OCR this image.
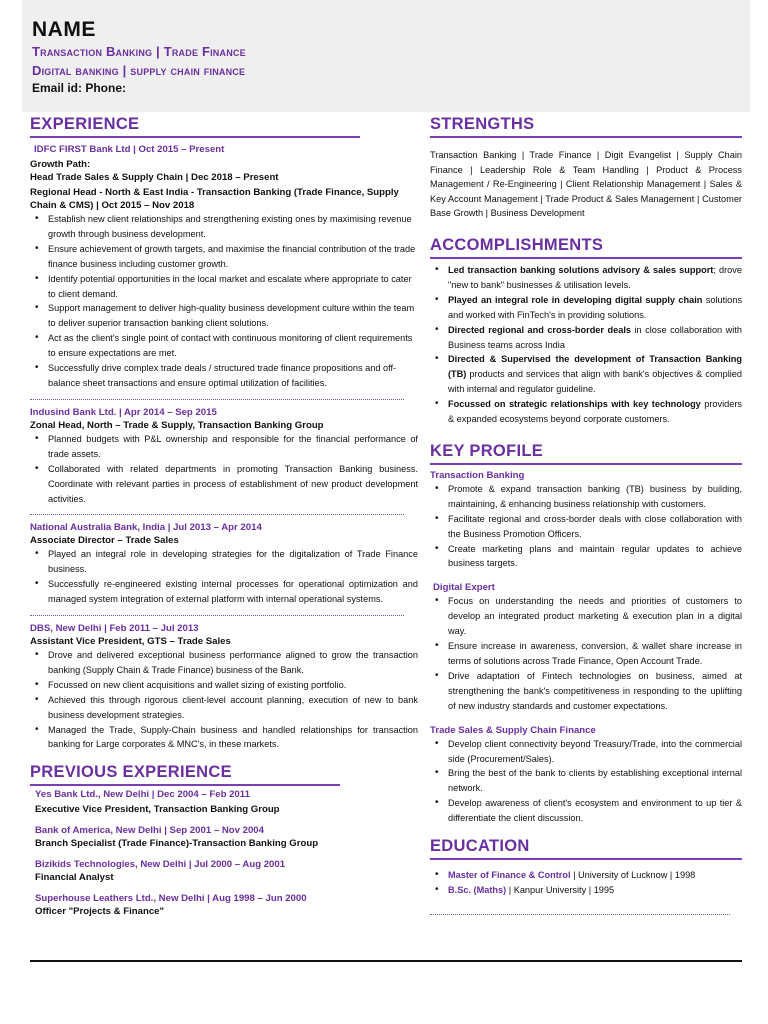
NAME
Transaction Banking | Trade Finance
Digital banking | supply chain finance
Email id: Phone:
EXPERIENCE
IDFC FIRST Bank Ltd | Oct 2015 – Present
Growth Path:
Head Trade Sales & Supply Chain | Dec 2018 – Present
Regional Head - North & East India - Transaction Banking (Trade Finance, Supply Chain & CMS) | Oct 2015 – Nov 2018
• Establish new client relationships and strengthening existing ones by maximising revenue growth through business development.
• Ensure achievement of growth targets, and maximise the financial contribution of the trade finance business including customer growth.
• Identify potential opportunities in the local market and escalate where appropriate to cater to client demand.
• Support management to deliver high-quality business development culture within the team to deliver superior transaction banking client solutions.
• Act as the client's single point of contact with continuous monitoring of client requirements to ensure expectations are met.
• Successfully drive complex trade deals / structured trade finance propositions and off-balance sheet transactions and ensure optimal utilization of facilities.
Indusind Bank Ltd. | Apr 2014 – Sep 2015
Zonal Head, North – Trade & Supply, Transaction Banking Group
• Planned budgets with P&L ownership and responsible for the financial performance of trade assets.
• Collaborated with related departments in promoting Transaction Banking business. Coordinate with relevant parties in process of establishment of new product development activities.
National Australia Bank, India | Jul 2013 – Apr 2014
Associate Director – Trade Sales
• Played an integral role in developing strategies for the digitalization of Trade Finance business.
• Successfully re-engineered existing internal processes for operational optimization and managed system integration of external platform with internal operational systems.
DBS, New Delhi | Feb 2011 – Jul 2013
Assistant Vice President, GTS – Trade Sales
• Drove and delivered exceptional business performance aligned to grow the transaction banking (Supply Chain & Trade Finance) business of the Bank.
• Focussed on new client acquisitions and wallet sizing of existing portfolio.
• Achieved this through rigorous client-level account planning, execution of new to bank business development strategies.
• Managed the Trade, Supply-Chain business and handled relationships for transaction banking for Large corporates & MNC's, in these markets.
PREVIOUS EXPERIENCE
Yes Bank Ltd., New Delhi | Dec 2004 – Feb 2011
Executive Vice President, Transaction Banking Group
Bank of America, New Delhi | Sep 2001 – Nov 2004
Branch Specialist (Trade Finance)-Transaction Banking Group
Bizikids Technologies, New Delhi | Jul 2000 – Aug 2001
Financial Analyst
Superhouse Leathers Ltd., New Delhi | Aug 1998 – Jun 2000
Officer "Projects & Finance"
STRENGTHS
Transaction Banking | Trade Finance | Digit Evangelist | Supply Chain Finance | Leadership Role & Team Handling | Product & Process Management / Re-Engineering | Client Relationship Management | Sales & Key Account Management | Trade Product & Sales Management | Customer Base Growth | Business Development
ACCOMPLISHMENTS
• Led transaction banking solutions advisory & sales support; drove "new to bank" businesses & utilisation levels.
• Played an integral role in developing digital supply chain solutions and worked with FinTech's in providing solutions.
• Directed regional and cross-border deals in close collaboration with Business teams across India
• Directed & Supervised the development of Transaction Banking (TB) products and services that align with bank's objectives & complied with internal and regulator guideline.
• Focussed on strategic relationships with key technology providers & expanded ecosystems beyond corporate customers.
KEY PROFILE
Transaction Banking
• Promote & expand transaction banking (TB) business by building, maintaining, & enhancing business relationship with customers.
• Facilitate regional and cross-border deals with close collaboration with the Business Promotion Officers.
• Create marketing plans and maintain regular updates to achieve business targets.
Digital Expert
• Focus on understanding the needs and priorities of customers to develop an integrated product marketing & execution plan in a digital way.
• Ensure increase in awareness, conversion, & wallet share increase in terms of solutions across Trade Finance, Open Account Trade.
• Drive adaptation of Fintech technologies on business, aimed at strengthening the bank's competitiveness in responding to the uplifting of new industry standards and customer expectations.
Trade Sales & Supply Chain Finance
• Develop client connectivity beyond Treasury/Trade, into the commercial side (Procurement/Sales).
• Bring the best of the bank to clients by establishing exceptional internal network.
• Develop awareness of client's ecosystem and environment to up tier & differentiate the client discussion.
EDUCATION
• Master of Finance & Control | University of Lucknow | 1998
• B.Sc. (Maths) | Kanpur University | 1995
